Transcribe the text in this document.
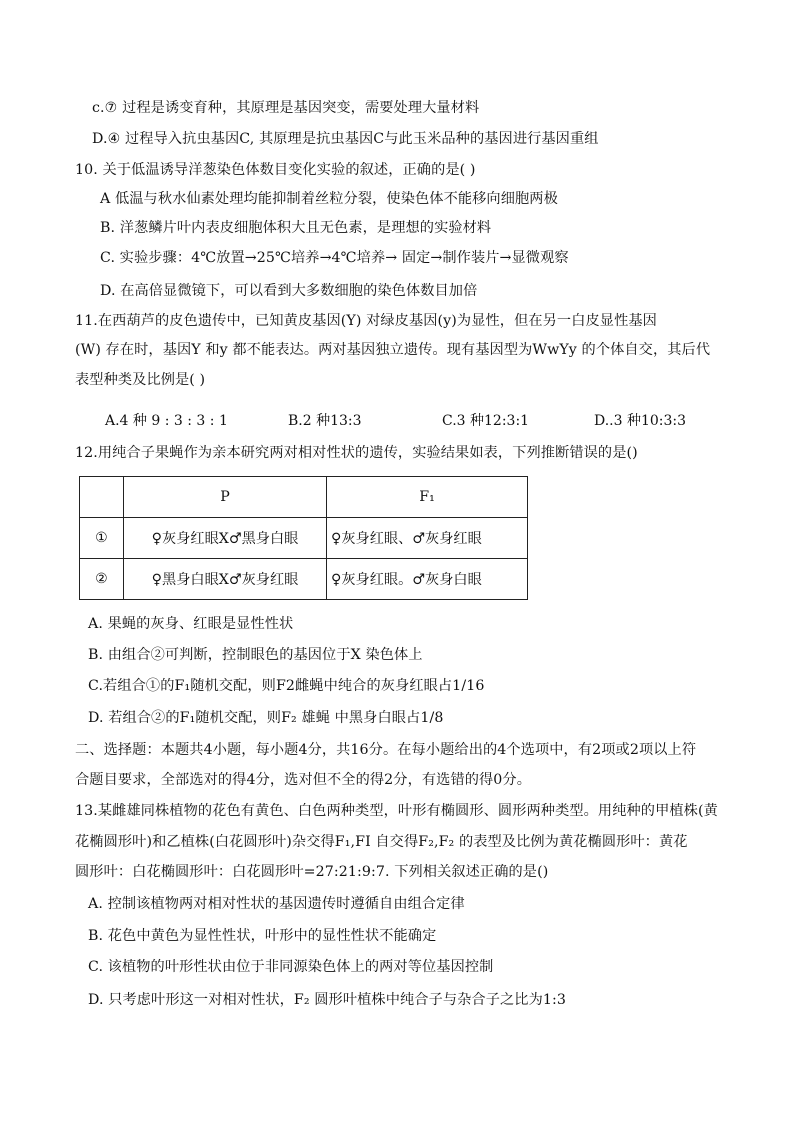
c.⑦ 过程是诱变育种，其原理是基因突变，需要处理大量材料
D.④ 过程导入抗虫基因C, 其原理是抗虫基因C与此玉米品种的基因进行基因重组
10. 关于低温诱导洋葱染色体数目变化实验的叙述，正确的是( )
A 低温与秋水仙素处理均能抑制着丝粒分裂，使染色体不能移向细胞两极
B. 洋葱鳞片叶内表皮细胞体积大且无色素，是理想的实验材料
C. 实验步骤：4℃放置→25℃培养→4℃培养→ 固定→制作装片→显微观察
D. 在高倍显微镜下，可以看到大多数细胞的染色体数目加倍
11.在西葫芦的皮色遗传中，已知黄皮基因(Y) 对绿皮基因(y)为显性，但在另一白皮显性基因
(W) 存在时，基因Y 和y 都不能表达。两对基因独立遗传。现有基因型为WwYy 的个体自交，其后代
表型种类及比例是( )
A.4 种 9 : 3 : 3 : 1	B.2 种13:3	C.3 种12:3:1	D..3 种10:3:3
12.用纯合子果蝇作为亲本研究两对相对性状的遗传，实验结果如表，下列推断错误的是()
	P	F₁
①	♀灰身红眼X♂黑身白眼	♀灰身红眼、♂灰身红眼
②	♀黑身白眼X♂灰身红眼	♀灰身红眼。♂灰身白眼
A. 果蝇的灰身、红眼是显性性状
B. 由组合②可判断，控制眼色的基因位于X 染色体上
C.若组合①的F₁随机交配，则F2雌蝇中纯合的灰身红眼占1/16
D. 若组合②的F₁随机交配，则F₂ 雄蝇 中黑身白眼占1/8
二、选择题：本题共4小题，每小题4分，共16分。在每小题给出的4个选项中，有2项或2项以上符
合题目要求，全部选对的得4分，选对但不全的得2分，有选错的得0分。
13.某雌雄同株植物的花色有黄色、白色两种类型，叶形有椭圆形、圆形两种类型。用纯种的甲植株(黄
花椭圆形叶)和乙植株(白花圆形叶)杂交得F₁,FI 自交得F₂,F₂ 的表型及比例为黄花椭圆形叶：黄花
圆形叶：白花椭圆形叶：白花圆形叶=27:21:9:7. 下列相关叙述正确的是()
A. 控制该植物两对相对性状的基因遗传时遵循自由组合定律
B. 花色中黄色为显性性状，叶形中的显性性状不能确定
C. 该植物的叶形性状由位于非同源染色体上的两对等位基因控制
D. 只考虑叶形这一对相对性状，F₂ 圆形叶植株中纯合子与杂合子之比为1:3
